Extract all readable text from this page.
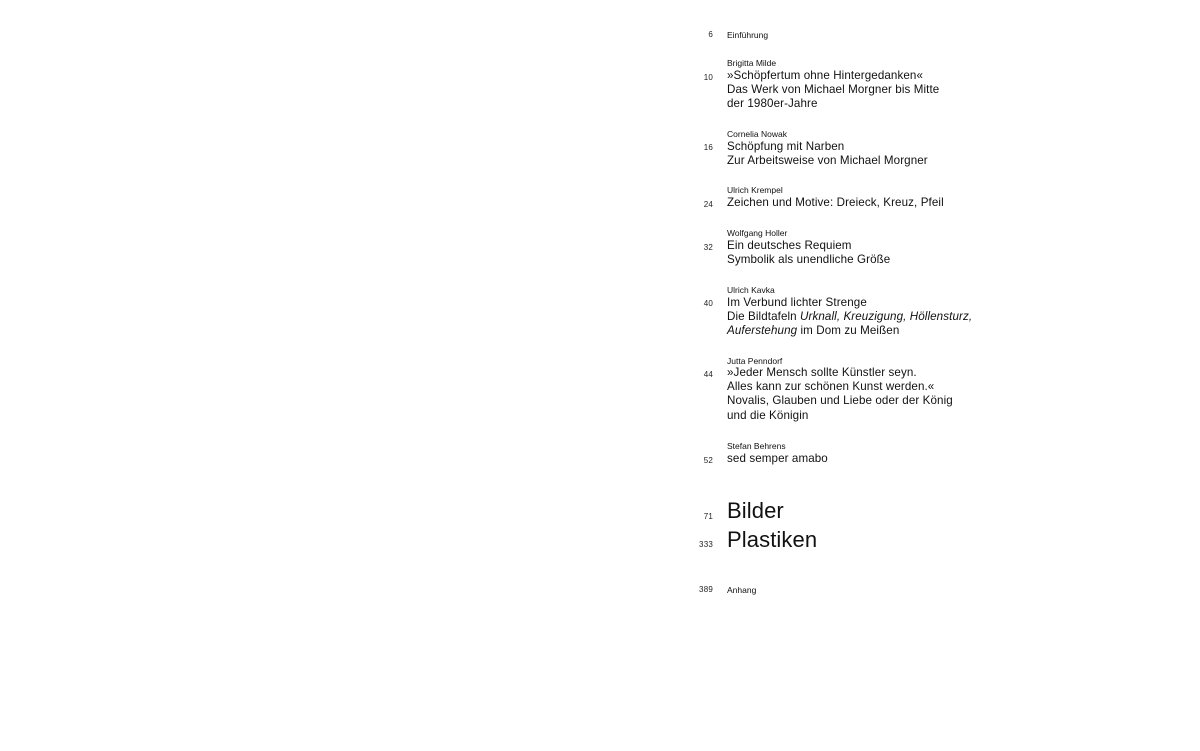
6 Einführung
Brigitta Milde
10 »Schöpfertum ohne Hintergedanken«
Das Werk von Michael Morgner bis Mitte
der 1980er-Jahre
Cornelia Nowak
16 Schöpfung mit Narben
Zur Arbeitsweise von Michael Morgner
Ulrich Krempel
24 Zeichen und Motive: Dreieck, Kreuz, Pfeil
Wolfgang Holler
32 Ein deutsches Requiem
Symbolik als unendliche Größe
Ulrich Kavka
40 Im Verbund lichter Strenge
Die Bildtafeln Urknall, Kreuzigung, Höllensturz,
Auferstehung im Dom zu Meißen
Jutta Penndorf
44 »Jeder Mensch sollte Künstler seyn.
Alles kann zur schönen Kunst werden.«
Novalis, Glauben und Liebe oder der König
und die Königin
Stefan Behrens
52 sed semper amabo
71 Bilder
333 Plastiken
389 Anhang
